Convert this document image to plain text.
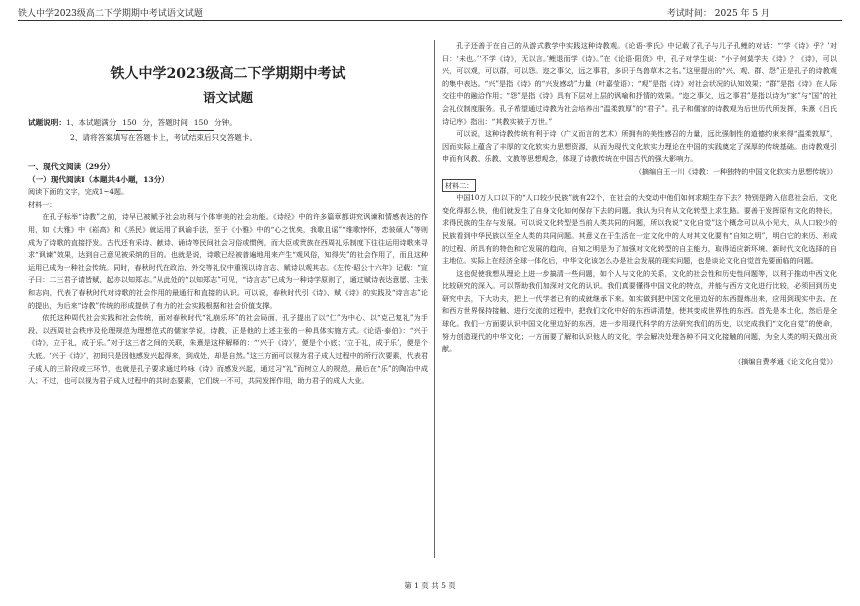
铁人中学2023级高二下学期期中考试语文试题	考试时间： 2025 年 5 月
铁人中学2023级高二下学期期中考试
语文试题
试题说明：1、本试题满分 150 分，答题时间 150 分钟。
2、请将答案填写在答题卡上，考试结束后只交答题卡。
一、现代文阅读（29分）
（一）现代阅读Ⅰ（本题共4小题，13分）
阅读下面的文字，完成1~4题。
材料一：

在孔子标举“诗教”之前，诗早已被赋予社会功利与个体审美的社会功能。《诗经》中的许多篇章都讲究讽谏和情感表达的作用，如《大雅》中《崧高》和《烝民》就运用了讽谕手法，至于《小雅》中的“心之忧矣，我歌且谣”“维歌悖怀，恋彼硕人”等则成为了诗歌的直接抒发。古代还有采诗、献诗、诵诗等民间社会习俗或惯例，而大臣或贵族在西周礼乐制度下往往运用诗歌来寻求“讽谏”效果，达到自己意见被采纳的目的。也就是说，诗歌已经被普遍地用来产生“观风俗，知得失”的社会作用了，而且这种运用已成为一种社会传统。同时，春秋时代在政治、外交等礼仪中重视以诗言志、赋诗以观其志。《左传·昭公十六年》记载：“宣子曰：二三君子请皆赋，起亦以知郑志。”从此处的“以知郑志”可见，“诗言志”已成为一种诗学原则了，通过赋诗表达意愿、主张和志向，代表了春秋时代对诗歌的社会作用的最通行和直接的认识。可以说，春秋时代引《诗》、赋《诗》的实践及“诗言志”论的提出，为后来“诗教”传统的形成提供了有力的社会实践根据和社会价值支撑。

依托这种周代社会实践和社会传统，面对春秋时代“礼崩乐坏”的社会局面，孔子提出了以“仁”为中心、以“克己复礼”为手段、以西周社会秩序及伦理规范为理想范式的儒家学说，诗教，正是他的上述主张的一种具体实施方式。《论语·泰伯》：“兴于《诗》，立于礼，成于乐。”对于这三者之间的关联，朱熹是这样解释的：“‘兴于《诗》’，便是个小底；‘立于礼，成于乐’，便是个大底。‘兴于《诗》’，初间只是因他感发兴起得来，到成处，却是自然。”这三方面可以视为君子成人过程中的所行次要素，代表君子成人的三阶段或三环节，也就是孔子要求通过吟咏《诗》而感发兴起，通过习“礼”而树立人的规范，最后在“乐”的陶冶中成人；不过，也可以视为君子成人过程中的共时态要素，它们统一不可，共同发挥作用，助力君子的成人大业。

孔子还善于在自己的从游式教学中实践这种诗教观。《论语·季氏》中记载了孔子与儿子孔鲤的对话：“‘学《诗》乎？’对曰：‘未也。’‘不学《诗》，无以言。’鲤退而学《诗》。”在《论语·阳货》中，孔子对学生说：“小子何莫学夫《诗》？《诗》，可以兴，可以观，可以群，可以怨。迩之事父，远之事君，多识于鸟兽草木之名。”这里提出的“兴、观、群、怨”正是孔子的诗教观的集中表达。“兴”是指《诗》的“兴发感动”力量（叶嘉莹语）；“观”是指《诗》对社会状况的认知效果；“群”是指《诗》在人际交往中的融洽作用；“怨”是指《诗》具有下层对上层的讽喻和抒情的效果。“迩之事父，远之事君”是指以诗为“家”与“国”的社会礼仪制度服务。孔子希望通过诗教为社会培养出“温柔敦厚”的“君子”。孔子和儒家的诗教观为后世历代所发挥，朱熹《吕氏诗记序》指出：“其教实被于万世。”

可以说，这种诗教传统有利于诗（广义而言的艺术）所拥有的美性感召的力量，远比强制性的道德约束来得“温柔敦厚”，因而实际上蕴含了丰厚的文化软实力思想资源，从而为现代文化软实力理论在中国的实践奠定了深厚的传统基础。由诗教观引申而有风教、乐教、文教等思想观念，体现了诗教传统在中国古代的强大影响力。

（摘编自王一川《诗教：一种独特的中国文化软实力思想传统》）

材料二：

中国10万人口以下的“人口较少民族”就有22个，在社会的大变动中他们如何求期生存下去？特别是跨入信息社会后，文化变化得那么快，他们就发生了自身文化如何保存下去的问题。我认为只有从文化转型上求生路。要善于发挥原有文化的特长，求得民族的生存与发展。可以说文化转型是当前人类共同的问题，所以我说“文化自觉”这个概念可以从小见大，从人口较少的民族看到中华民族以至全人类的共同问题。其意义在于生活在一定文化中的人对其文化要有“自知之明”，明白它的来历、形成的过程、所具有的特色和它发展的趋向，自知之明是为了加强对文化转型的自主能力，取得适应新环境、新时代文化选择的自主地位。实际上在经济全球一体化后，中华文化该怎么办是社会发展的现实问题，也是谈论文化自觉首先要面临的问题。

这也促使我想从理论上进一步搞清一些问题，如个人与文化的关系，文化的社会性和历史性问题等，以利于推动中西文化比较研究的深入。可以帮助我们加深对文化的认识。我们真要懂得中国文化的特点，并能与西方文化进行比较，必须回到历史研究中去，下大功夫，把上一代学者已有的成就继承下来。如实做到把中国文化里边好的东西提炼出来，应用到现实中去。在和西方世界保持接触、进行交流的过程中，把我们文化中好的东西讲清楚，使其变成世界性的东西。首先是本土化，然后是全球化。我们一方面要认识中国文化里边好的东西，进一步用现代科学的方法研究我们的历史，以完成我们“文化自觉”的使命，努力创造现代的中华文化；一方面要了解和认识他人的文化，学会解决处理各种不同文化接触的问题，为全人类的明天做出贡献。

（摘编自费孝通《论文化自觉》）

第 1 页 共 5 页
